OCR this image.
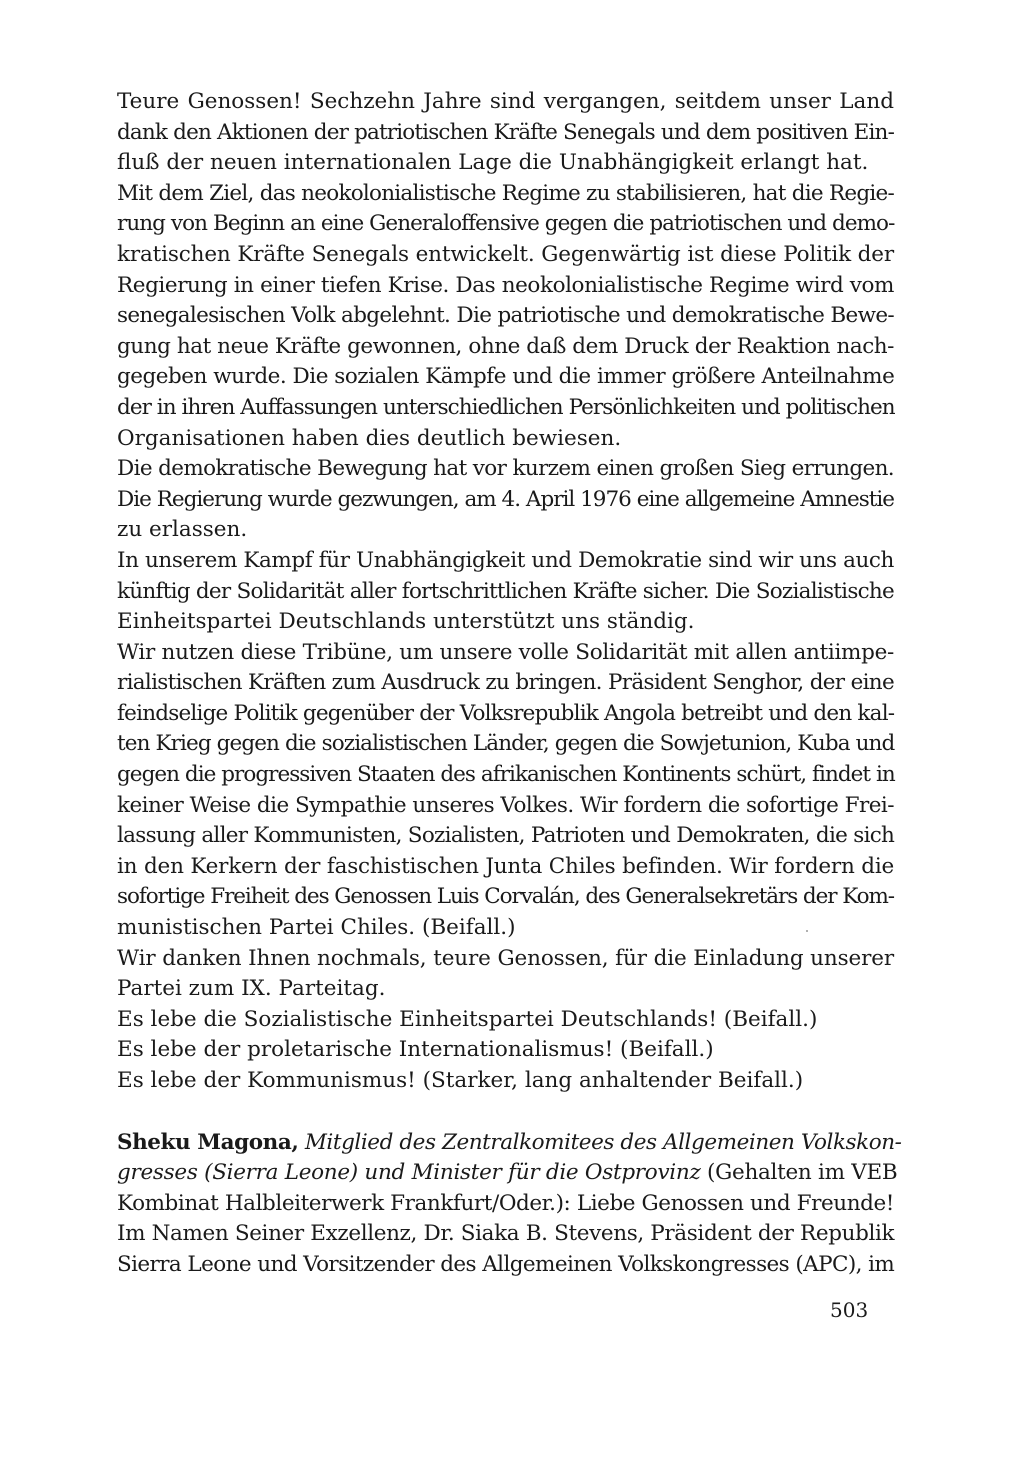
Teure Genossen! Sechzehn Jahre sind vergangen, seitdem unser Land
dank den Aktionen der patriotischen Kräfte Senegals und dem positiven Ein-
fluß der neuen internationalen Lage die Unabhängigkeit erlangt hat.
Mit dem Ziel, das neokolonialistische Regime zu stabilisieren, hat die Regie-
rung von Beginn an eine Generaloffensive gegen die patriotischen und demo-
kratischen Kräfte Senegals entwickelt. Gegenwärtig ist diese Politik der
Regierung in einer tiefen Krise. Das neokolonialistische Regime wird vom
senegalesischen Volk abgelehnt. Die patriotische und demokratische Bewe-
gung hat neue Kräfte gewonnen, ohne daß dem Druck der Reaktion nach-
gegeben wurde. Die sozialen Kämpfe und die immer größere Anteilnahme
der in ihren Auffassungen unterschiedlichen Persönlichkeiten und politischen
Organisationen haben dies deutlich bewiesen.
Die demokratische Bewegung hat vor kurzem einen großen Sieg errungen.
Die Regierung wurde gezwungen, am 4. April 1976 eine allgemeine Amnestie
zu erlassen.
In unserem Kampf für Unabhängigkeit und Demokratie sind wir uns auch
künftig der Solidarität aller fortschrittlichen Kräfte sicher. Die Sozialistische
Einheitspartei Deutschlands unterstützt uns ständig.
Wir nutzen diese Tribüne, um unsere volle Solidarität mit allen antiimpe-
rialistischen Kräften zum Ausdruck zu bringen. Präsident Senghor, der eine
feindselige Politik gegenüber der Volksrepublik Angola betreibt und den kal-
ten Krieg gegen die sozialistischen Länder, gegen die Sowjetunion, Kuba und
gegen die progressiven Staaten des afrikanischen Kontinents schürt, findet in
keiner Weise die Sympathie unseres Volkes. Wir fordern die sofortige Frei-
lassung aller Kommunisten, Sozialisten, Patrioten und Demokraten, die sich
in den Kerkern der faschistischen Junta Chiles befinden. Wir fordern die
sofortige Freiheit des Genossen Luis Corvalán, des Generalsekretärs der Kom-
munistischen Partei Chiles. (Beifall.)
Wir danken Ihnen nochmals, teure Genossen, für die Einladung unserer
Partei zum IX. Parteitag.
Es lebe die Sozialistische Einheitspartei Deutschlands! (Beifall.)
Es lebe der proletarische Internationalismus! (Beifall.)
Es lebe der Kommunismus! (Starker, lang anhaltender Beifall.)
Sheku Magona, Mitglied des Zentralkomitees des Allgemeinen Volkskon-
gresses (Sierra Leone) und Minister für die Ostprovinz (Gehalten im VEB
Kombinat Halbleiterwerk Frankfurt/Oder.): Liebe Genossen und Freunde!
Im Namen Seiner Exzellenz, Dr. Siaka B. Stevens, Präsident der Republik
Sierra Leone und Vorsitzender des Allgemeinen Volkskongresses (APC), im
503
